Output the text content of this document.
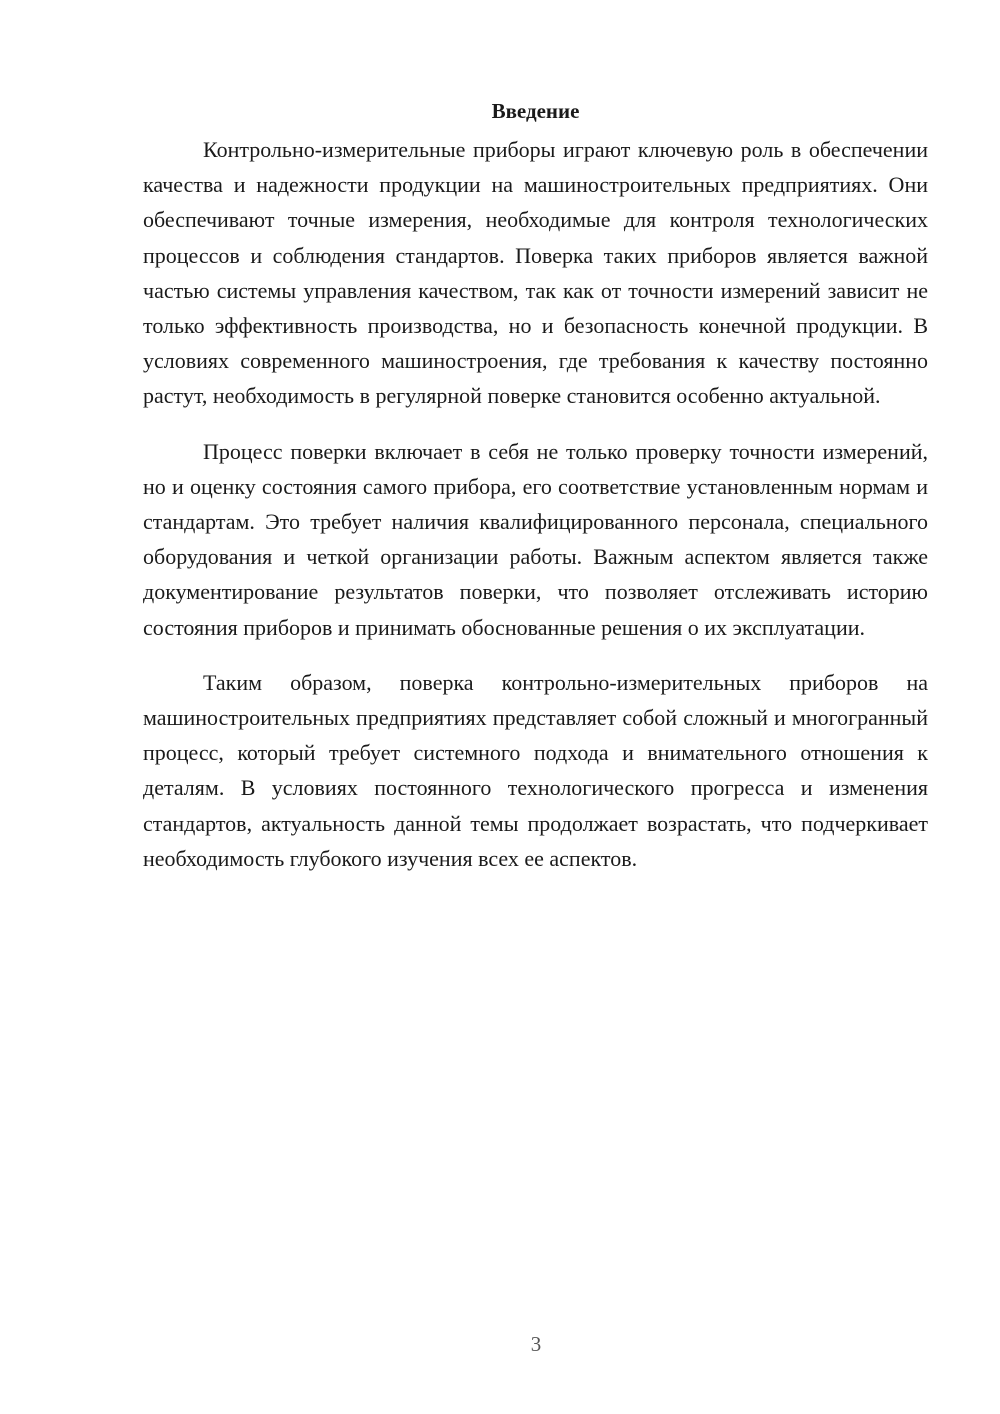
Введение

Контрольно-измерительные приборы играют ключевую роль в обеспечении качества и надежности продукции на машиностроительных предприятиях. Они обеспечивают точные измерения, необходимые для контроля технологических процессов и соблюдения стандартов. Поверка таких приборов является важной частью системы управления качеством, так как от точности измерений зависит не только эффективность производства, но и безопасность конечной продукции. В условиях современного машиностроения, где требования к качеству постоянно растут, необходимость в регулярной поверке становится особенно актуальной.

Процесс поверки включает в себя не только проверку точности измерений, но и оценку состояния самого прибора, его соответствие установленным нормам и стандартам. Это требует наличия квалифицированного персонала, специального оборудования и четкой организации работы. Важным аспектом является также документирование результатов поверки, что позволяет отслеживать историю состояния приборов и принимать обоснованные решения о их эксплуатации.

Таким образом, поверка контрольно-измерительных приборов на машиностроительных предприятиях представляет собой сложный и многогранный процесс, который требует системного подхода и внимательного отношения к деталям. В условиях постоянного технологического прогресса и изменения стандартов, актуальность данной темы продолжает возрастать, что подчеркивает необходимость глубокого изучения всех ее аспектов.

3
